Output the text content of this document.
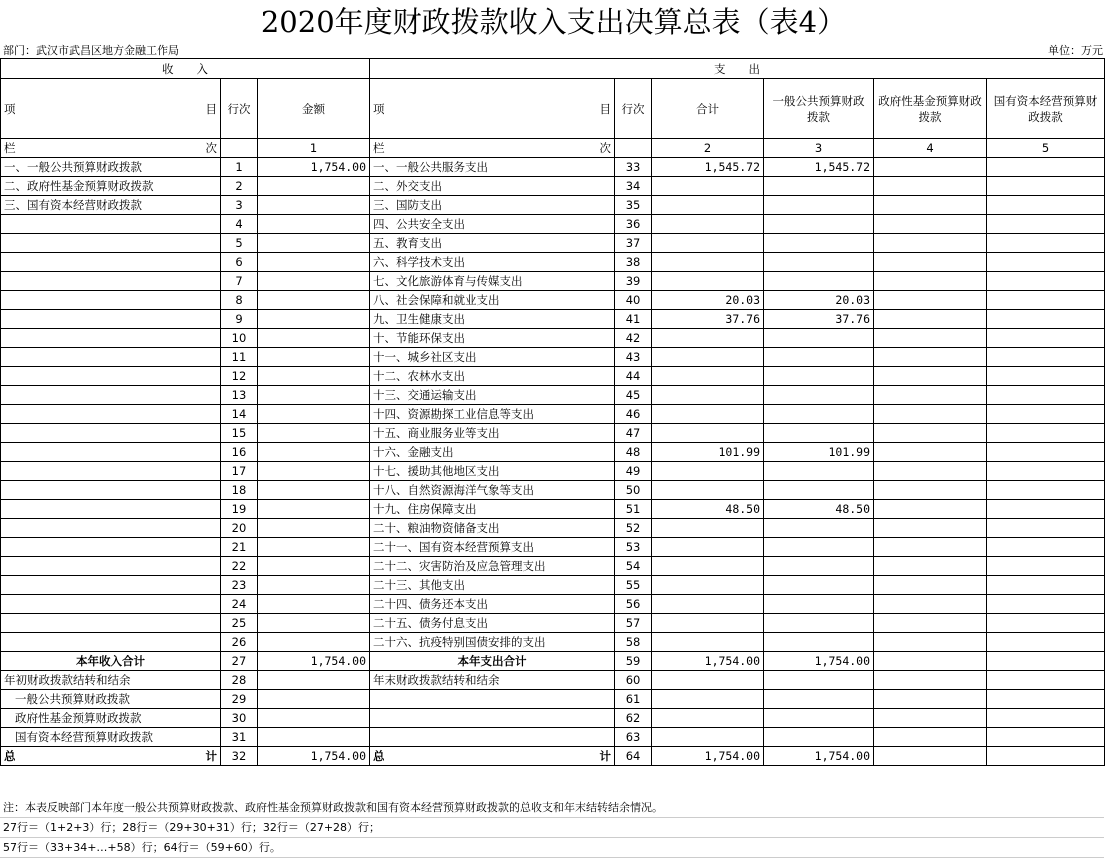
2020年度财政拨款收入支出决算总表（表4）
部门：武汉市武昌区地方金融工作局	单位：万元
收　　入			支　　出					

项 目	行次	金额	项 目	行次	合计	一般公共预算财政拨款	政府性基金预算财政拨款	国有资本经营预算财政拨款

栏 次		1	栏 次		2	3	4	5
一、一般公共预算财政拨款	1	1,754.00	一、一般公共服务支出	33	1,545.72	1,545.72		
二、政府性基金预算财政拨款	2		二、外交支出	34				
三、国有资本经营财政拨款	3		三、国防支出	35				
	4		四、公共安全支出	36				
	5		五、教育支出	37				
	6		六、科学技术支出	38				
	7		七、文化旅游体育与传媒支出	39				
	8		八、社会保障和就业支出	40	20.03	20.03		
	9		九、卫生健康支出	41	37.76	37.76		
	10		十、节能环保支出	42				
	11		十一、城乡社区支出	43				
	12		十二、农林水支出	44				
	13		十三、交通运输支出	45				
	14		十四、资源勘探工业信息等支出	46				
	15		十五、商业服务业等支出	47				
	16		十六、金融支出	48	101.99	101.99		
	17		十七、援助其他地区支出	49				
	18		十八、自然资源海洋气象等支出	50				
	19		十九、住房保障支出	51	48.50	48.50		
	20		二十、粮油物资储备支出	52				
	21		二十一、国有资本经营预算支出	53				
	22		二十二、灾害防治及应急管理支出	54				
	23		二十三、其他支出	55				
	24		二十四、债务还本支出	56				
	25		二十五、债务付息支出	57				
	26		二十六、抗疫特别国债安排的支出	58				
本年收入合计	27	1,754.00	本年支出合计	59	1,754.00	1,754.00		
年初财政拨款结转和结余	28		年末财政拨款结转和结余	60				
一般公共预算财政拨款	29			61				
政府性基金预算财政拨款	30			62				
国有资本经营预算财政拨款	31			63				

总 计	32	1,754.00	总 计	64	1,754.00	1,754.00		
注：本表反映部门本年度一般公共预算财政拨款、政府性基金预算财政拨款和国有资本经营预算财政拨款的总收支和年末结转结余情况。
27行＝（1+2+3）行；28行＝（29+30+31）行；32行＝（27+28）行；
57行＝（33+34+…+58）行；64行＝（59+60）行。
